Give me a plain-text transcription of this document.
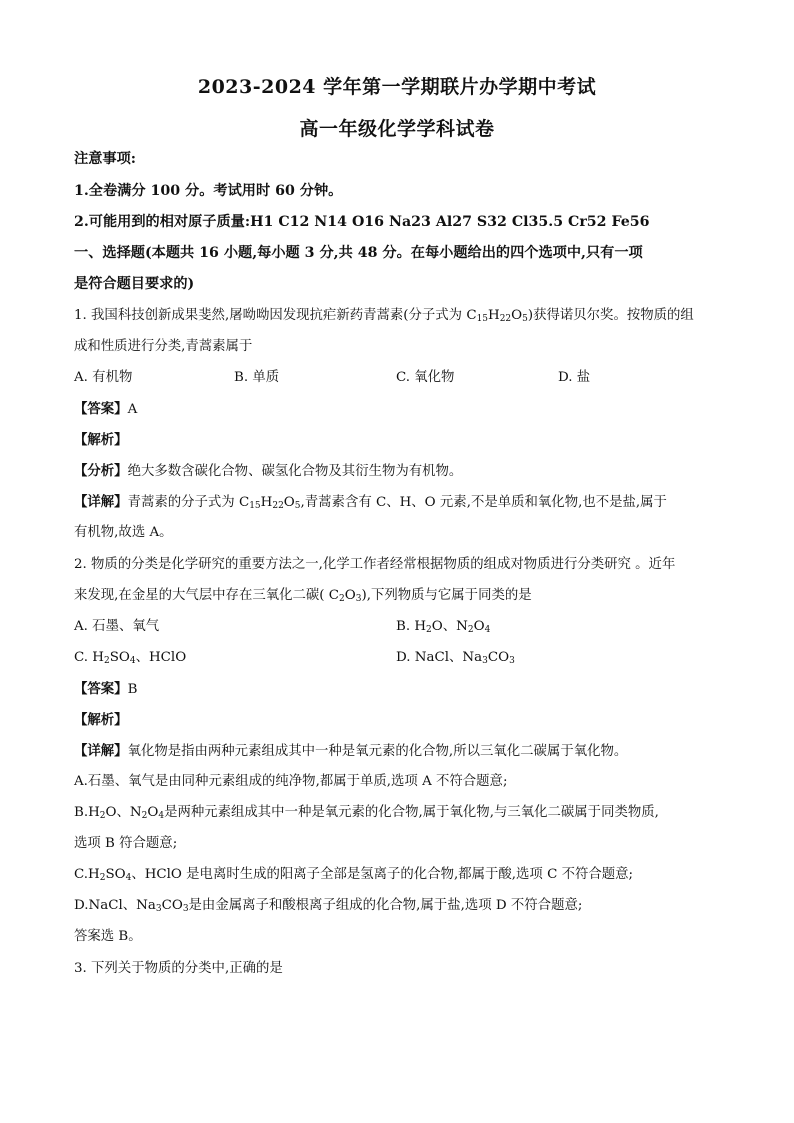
2023-2024 学年第一学期联片办学期中考试
高一年级化学学科试卷
注意事项:
1.全卷满分 100 分。考试用时 60 分钟。
2.可能用到的相对原子质量:H1 C12 N14 O16 Na23 Al27 S32 Cl35.5 Cr52 Fe56
一、选择题(本题共 16 小题,每小题 3 分,共 48 分。在每小题给出的四个选项中,只有一项
是符合题目要求的)
1. 我国科技创新成果斐然,屠呦呦因发现抗疟新药青蒿素(分子式为 $C_{15}H_{22}O_5$)获得诺贝尔奖。按物质的组
成和性质进行分类,青蒿素属于
A. 有机物	B. 单质	C. 氧化物	D. 盐
【答案】A
【解析】
【分析】绝大多数含碳化合物、碳氢化合物及其衍生物为有机物。
【详解】青蒿素的分子式为 $C_{15}H_{22}O_5$,青蒿素含有 C、H、O 元素,不是单质和氧化物,也不是盐,属于
有机物,故选 A。
2. 物质的分类是化学研究的重要方法之一,化学工作者经常根据物质的组成对物质进行分类研究 。近年
来发现,在金星的大气层中存在三氧化二碳( $C_2O_3$),下列物质与它属于同类的是
A. 石墨、氧气	B. $H_2O$、$N_2O_4$
C. $H_2SO_4$、HClO	D. NaCl、$Na_3CO_3$
【答案】B
【解析】
【详解】氧化物是指由两种元素组成其中一种是氧元素的化合物,所以三氧化二碳属于氧化物。
A.石墨、氧气是由同种元素组成的纯净物,都属于单质,选项 A 不符合题意;
$B.H_2O$、$N_2O_4$是两种元素组成其中一种是氧元素的化合物,属于氧化物,与三氧化二碳属于同类物质,
选项 B 符合题意;
$C.H_2SO_4$、HClO 是电离时生成的阳离子全部是氢离子的化合物,都属于酸,选项 C 不符合题意;
D.NaCl、$Na_3CO_3$是由金属离子和酸根离子组成的化合物,属于盐,选项 D 不符合题意;
答案选 B。
3. 下列关于物质的分类中,正确的是
